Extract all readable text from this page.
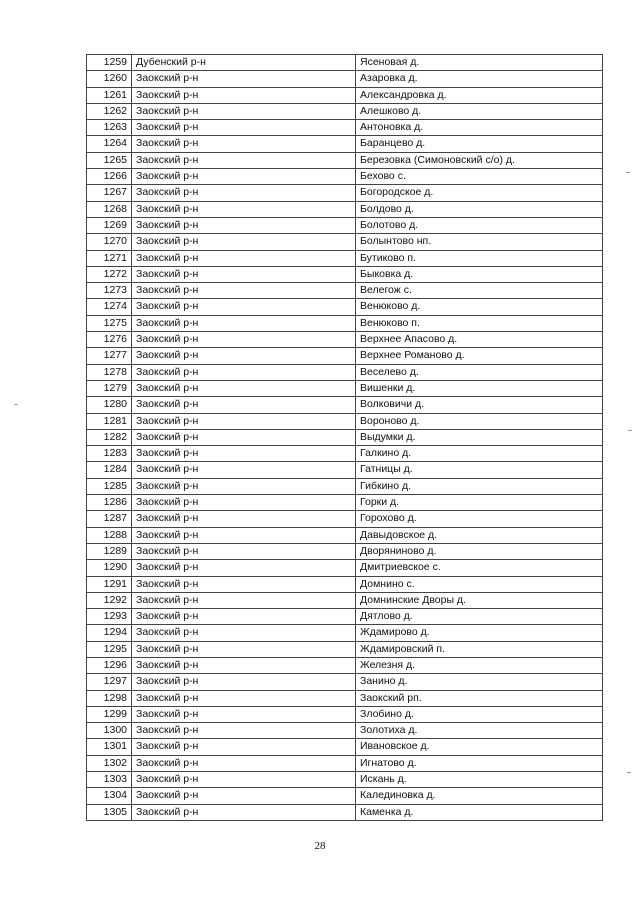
1259	Дубенский р-н	Ясеновая д.
1260	Заокский р-н	Азаровка д.
1261	Заокский р-н	Александровка д.
1262	Заокский р-н	Алешково д.
1263	Заокский р-н	Антоновка д.
1264	Заокский р-н	Баранцево д.
1265	Заокский р-н	Березовка (Симоновский с/о) д.
1266	Заокский р-н	Бехово с.
1267	Заокский р-н	Богородское д.
1268	Заокский р-н	Болдово д.
1269	Заокский р-н	Болотово д.
1270	Заокский р-н	Болынтово нп.
1271	Заокский р-н	Бутиково п.
1272	Заокский р-н	Быковка д.
1273	Заокский р-н	Велегож с.
1274	Заокский р-н	Венюково д.
1275	Заокский р-н	Венюково п.
1276	Заокский р-н	Верхнее Апасово д.
1277	Заокский р-н	Верхнее Романово д.
1278	Заокский р-н	Веселево д.
1279	Заокский р-н	Вишенки д.
1280	Заокский р-н	Волковичи д.
1281	Заокский р-н	Вороново д.
1282	Заокский р-н	Выдумки д.
1283	Заокский р-н	Галкино д.
1284	Заокский р-н	Гатницы д.
1285	Заокский р-н	Гибкино д.
1286	Заокский р-н	Горки д.
1287	Заокский р-н	Горохово д.
1288	Заокский р-н	Давыдовское д.
1289	Заокский р-н	Дворяниново д.
1290	Заокский р-н	Дмитриевское с.
1291	Заокский р-н	Домнино с.
1292	Заокский р-н	Домнинские Дворы д.
1293	Заокский р-н	Дятлово д.
1294	Заокский р-н	Ждамирово д.
1295	Заокский р-н	Ждамировский п.
1296	Заокский р-н	Железня д.
1297	Заокский р-н	Занино д.
1298	Заокский р-н	Заокский рп.
1299	Заокский р-н	Злобино д.
1300	Заокский р-н	Золотиха д.
1301	Заокский р-н	Ивановское д.
1302	Заокский р-н	Игнатово д.
1303	Заокский р-н	Искань д.
1304	Заокский р-н	Калединовка д.
1305	Заокский р-н	Каменка д.
28
